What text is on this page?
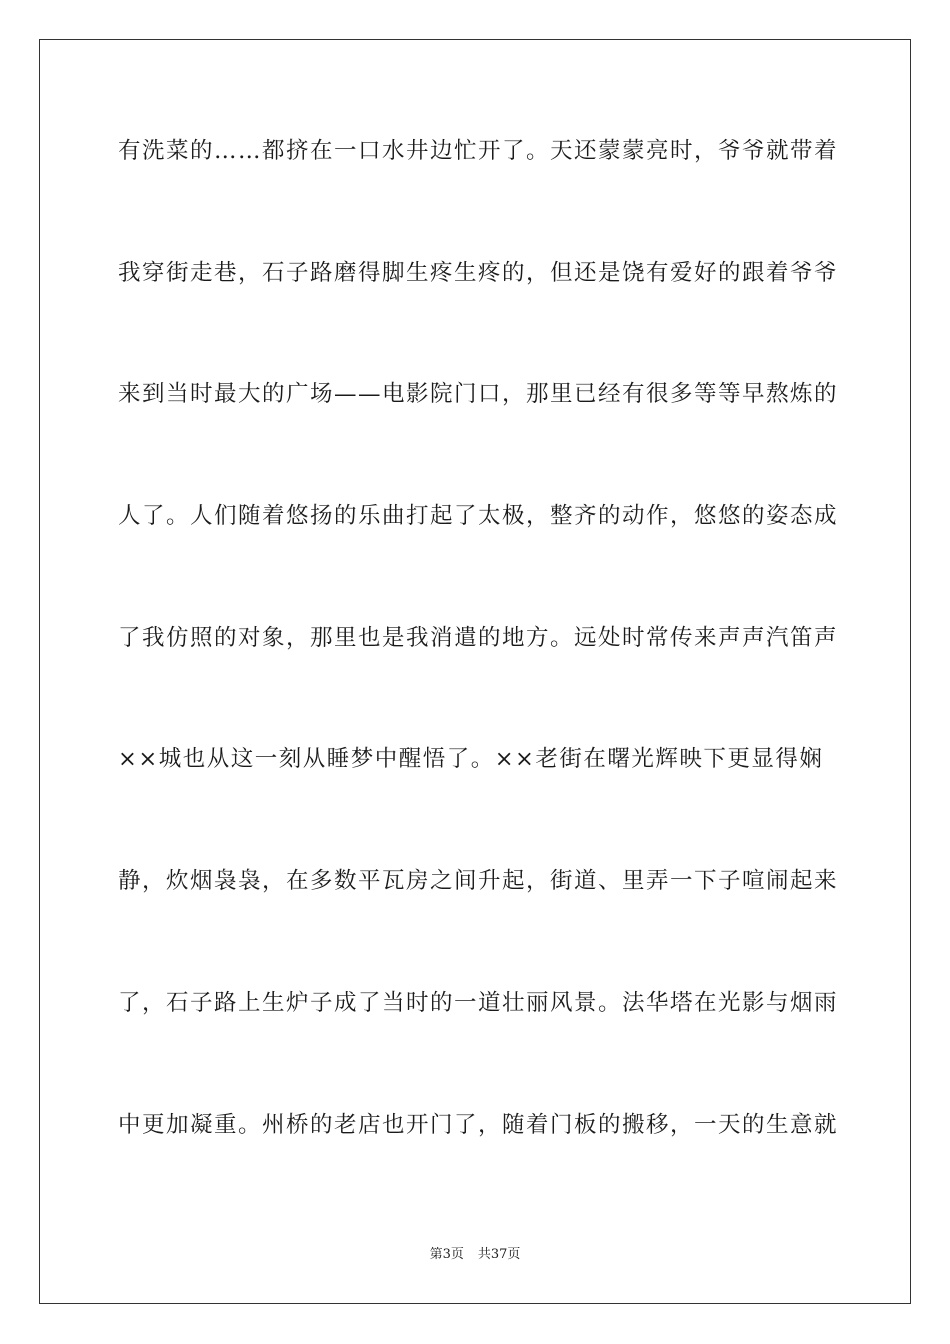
有洗菜的……都挤在一口水井边忙开了。天还蒙蒙亮时，爷爷就带着
我穿街走巷，石子路磨得脚生疼生疼的，但还是饶有爱好的跟着爷爷
来到当时最大的广场——电影院门口，那里已经有很多等等早熬炼的
人了。人们随着悠扬的乐曲打起了太极，整齐的动作，悠悠的姿态成
了我仿照的对象，那里也是我消遣的地方。远处时常传来声声汽笛声
××城也从这一刻从睡梦中醒悟了。××老街在曙光辉映下更显得娴
静，炊烟袅袅，在多数平瓦房之间升起，街道、里弄一下子喧闹起来
了，石子路上生炉子成了当时的一道壮丽风景。法华塔在光影与烟雨
中更加凝重。州桥的老店也开门了，随着门板的搬移，一天的生意就
第3页 共37页
